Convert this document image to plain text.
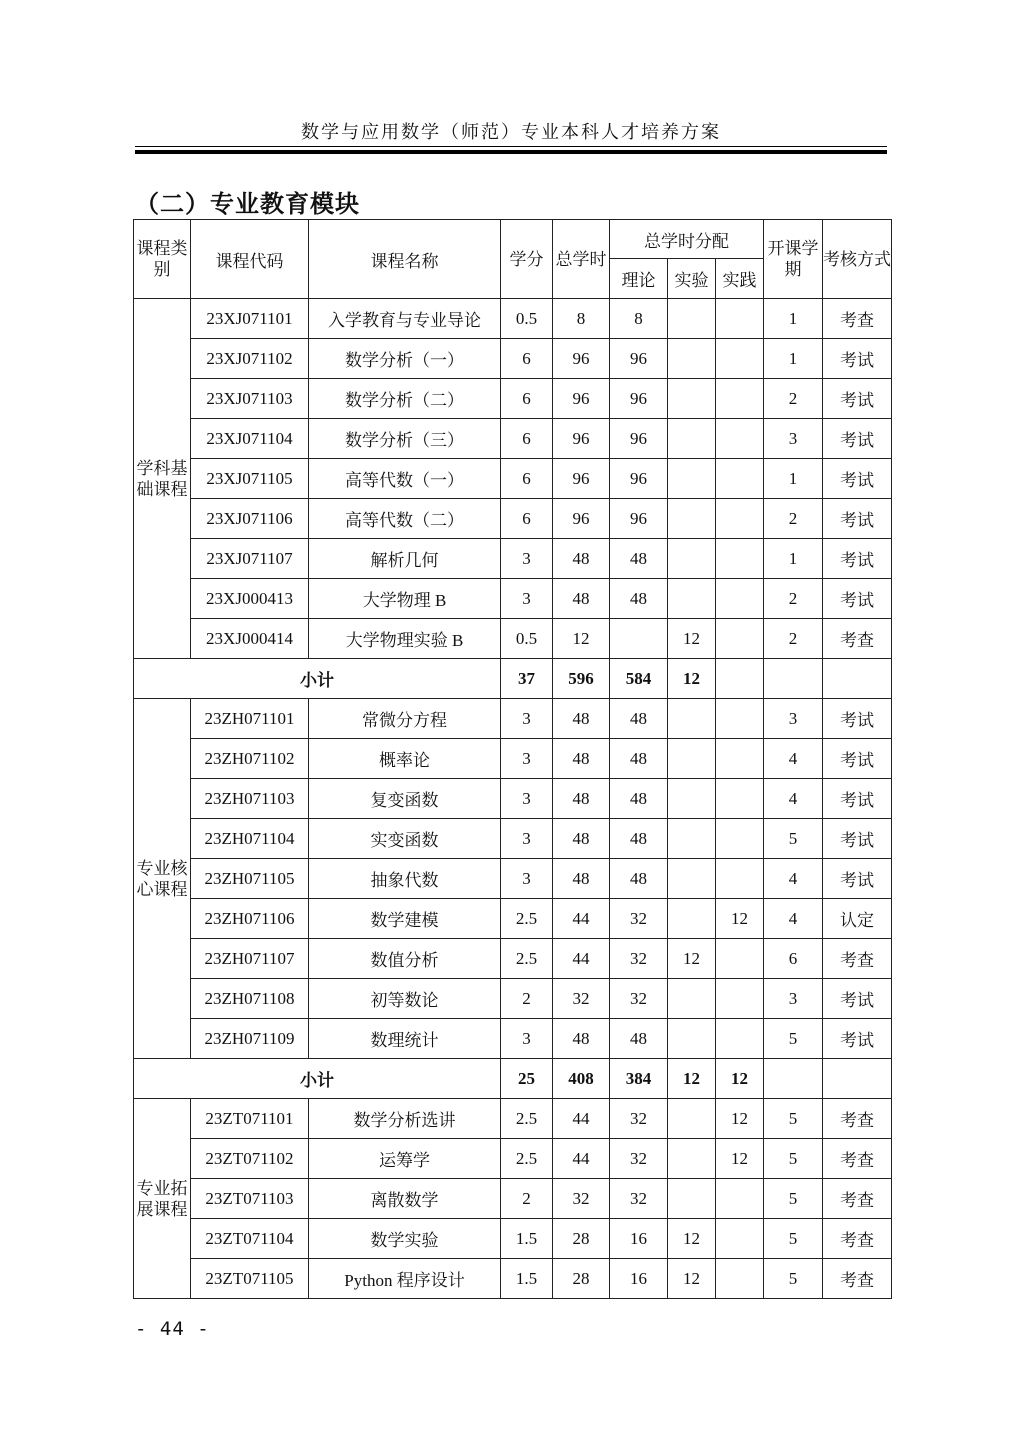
数学与应用数学（师范）专业本科人才培养方案
（二）专业教育模块
课程类别	课程代码	课程名称	学分	总学时	总学时分配			开课学期	考核方式
					理论	实验	实践		
学科基础课程	23XJ071101	入学教育与专业导论	0.5	8	8			1	考查
	23XJ071102	数学分析（一）	6	96	96			1	考试
	23XJ071103	数学分析（二）	6	96	96			2	考试
	23XJ071104	数学分析（三）	6	96	96			3	考试
	23XJ071105	高等代数（一）	6	96	96			1	考试
	23XJ071106	高等代数（二）	6	96	96			2	考试
	23XJ071107	解析几何	3	48	48			1	考试
	23XJ000413	大学物理 B	3	48	48			2	考试
	23XJ000414	大学物理实验 B	0.5	12		12		2	考查
小计			37	596	584	12			
专业核心课程	23ZH071101	常微分方程	3	48	48			3	考试
	23ZH071102	概率论	3	48	48			4	考试
	23ZH071103	复变函数	3	48	48			4	考试
	23ZH071104	实变函数	3	48	48			5	考试
	23ZH071105	抽象代数	3	48	48			4	考试
	23ZH071106	数学建模	2.5	44	32		12	4	认定
	23ZH071107	数值分析	2.5	44	32	12		6	考查
	23ZH071108	初等数论	2	32	32			3	考试
	23ZH071109	数理统计	3	48	48			5	考试
小计			25	408	384	12	12		
专业拓展课程	23ZT071101	数学分析选讲	2.5	44	32		12	5	考查
	23ZT071102	运筹学	2.5	44	32		12	5	考查
	23ZT071103	离散数学	2	32	32			5	考查
	23ZT071104	数学实验	1.5	28	16	12		5	考查
	23ZT071105	Python 程序设计	1.5	28	16	12		5	考查
- 44 -
